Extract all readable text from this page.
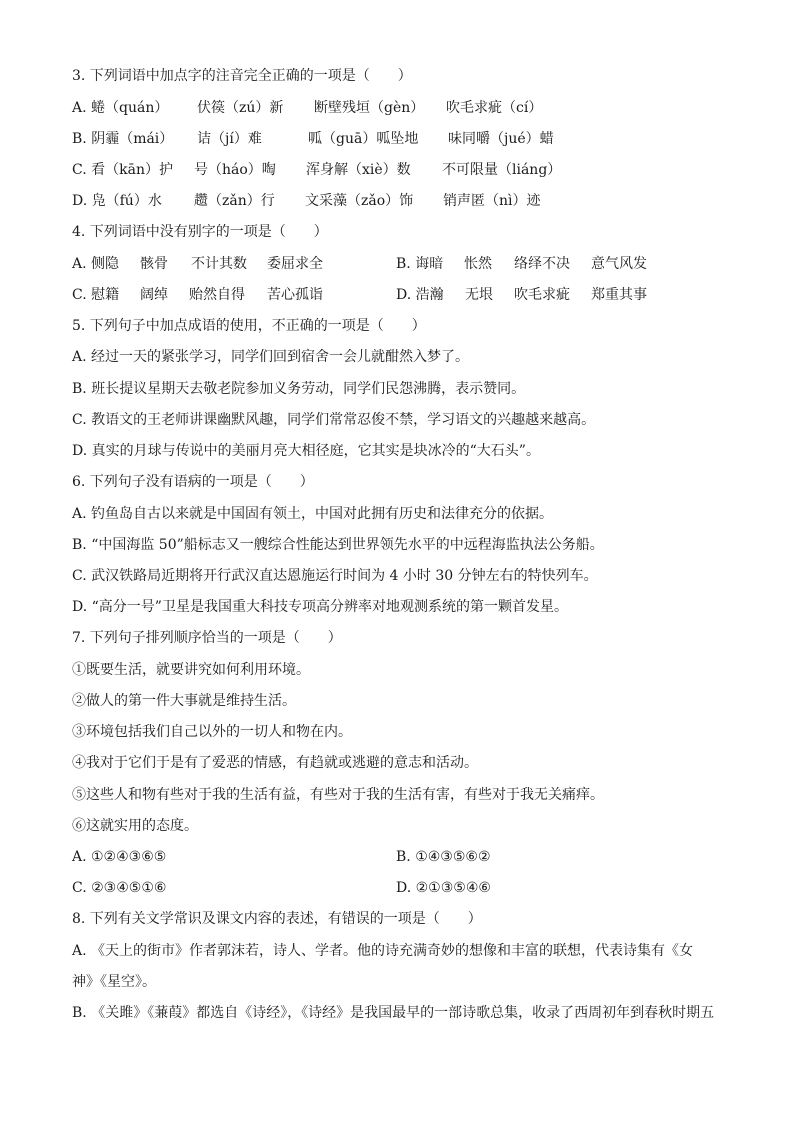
3. 下列词语中加点字的注音完全正确的一项是（　　）
A. 蜷（quán） 伏篌（zú）新 断壁残垣（gèn） 吹毛求疵（cí）
B. 阴霾（mái） 诘（jí）难	呱（guā）呱坠地 味同嚼（jué）蜡
C. 看（kān）护 号（háo）啕 浑身解（xiè）数 不可限量（liáng）
D. 凫（fú）水 趱（zǎn）行 文采藻（zǎo）饰 销声匿（nì）迹
4. 下列词语中没有别字的一项是（　　）
A. 侧隐 骸骨 不计其数 委屈求全	B. 诲暗 怅然 络绎不决 意气风发
C. 慰籍 阔绰 贻然自得 苦心孤诣	D. 浩瀚 无垠 吹毛求疵 郑重其事
5. 下列句子中加点成语的使用，不正确的一项是（　　）
A. 经过一天的紧张学习，同学们回到宿舍一会儿就酣然入梦了。
B. 班长提议星期天去敬老院参加义务劳动，同学们民怨沸腾，表示赞同。
C. 教语文的王老师讲课幽默风趣，同学们常常忍俊不禁，学习语文的兴趣越来越高。
D. 真实的月球与传说中的美丽月亮大相径庭，它其实是块冰冷的“大石头”。
6. 下列句子没有语病的一项是（　　）
A. 钓鱼岛自古以来就是中国固有领土，中国对此拥有历史和法律充分的依据。
B. “中国海监 50”船标志又一艘综合性能达到世界领先水平的中远程海监执法公务船。
C. 武汉铁路局近期将开行武汉直达恩施运行时间为 4 小时 30 分钟左右的特快列车。
D. “高分一号”卫星是我国重大科技专项高分辨率对地观测系统的第一颗首发星。
7. 下列句子排列顺序恰当的一项是（　　）
①既要生活，就要讲究如何利用环境。
②做人的第一件大事就是维持生活。
③环境包括我们自己以外的一切人和物在内。
④我对于它们于是有了爱恶的情感，有趋就或逃避的意志和活动。
⑤这些人和物有些对于我的生活有益，有些对于我的生活有害，有些对于我无关痛痒。
⑥这就实用的态度。
A. ①②④③⑥⑤	B. ①④③⑤⑥②
C. ②③④⑤①⑥	D. ②①③⑤④⑥
8. 下列有关文学常识及课文内容的表述，有错误的一项是（　　）
A. 《天上的街市》作者郭沫若，诗人、学者。他的诗充满奇妙的想像和丰富的联想，代表诗集有《女
神》《星空》。
B. 《关雎》《蒹葭》都选自《诗经》，《诗经》是我国最早的一部诗歌总集，收录了西周初年到春秋时期五
